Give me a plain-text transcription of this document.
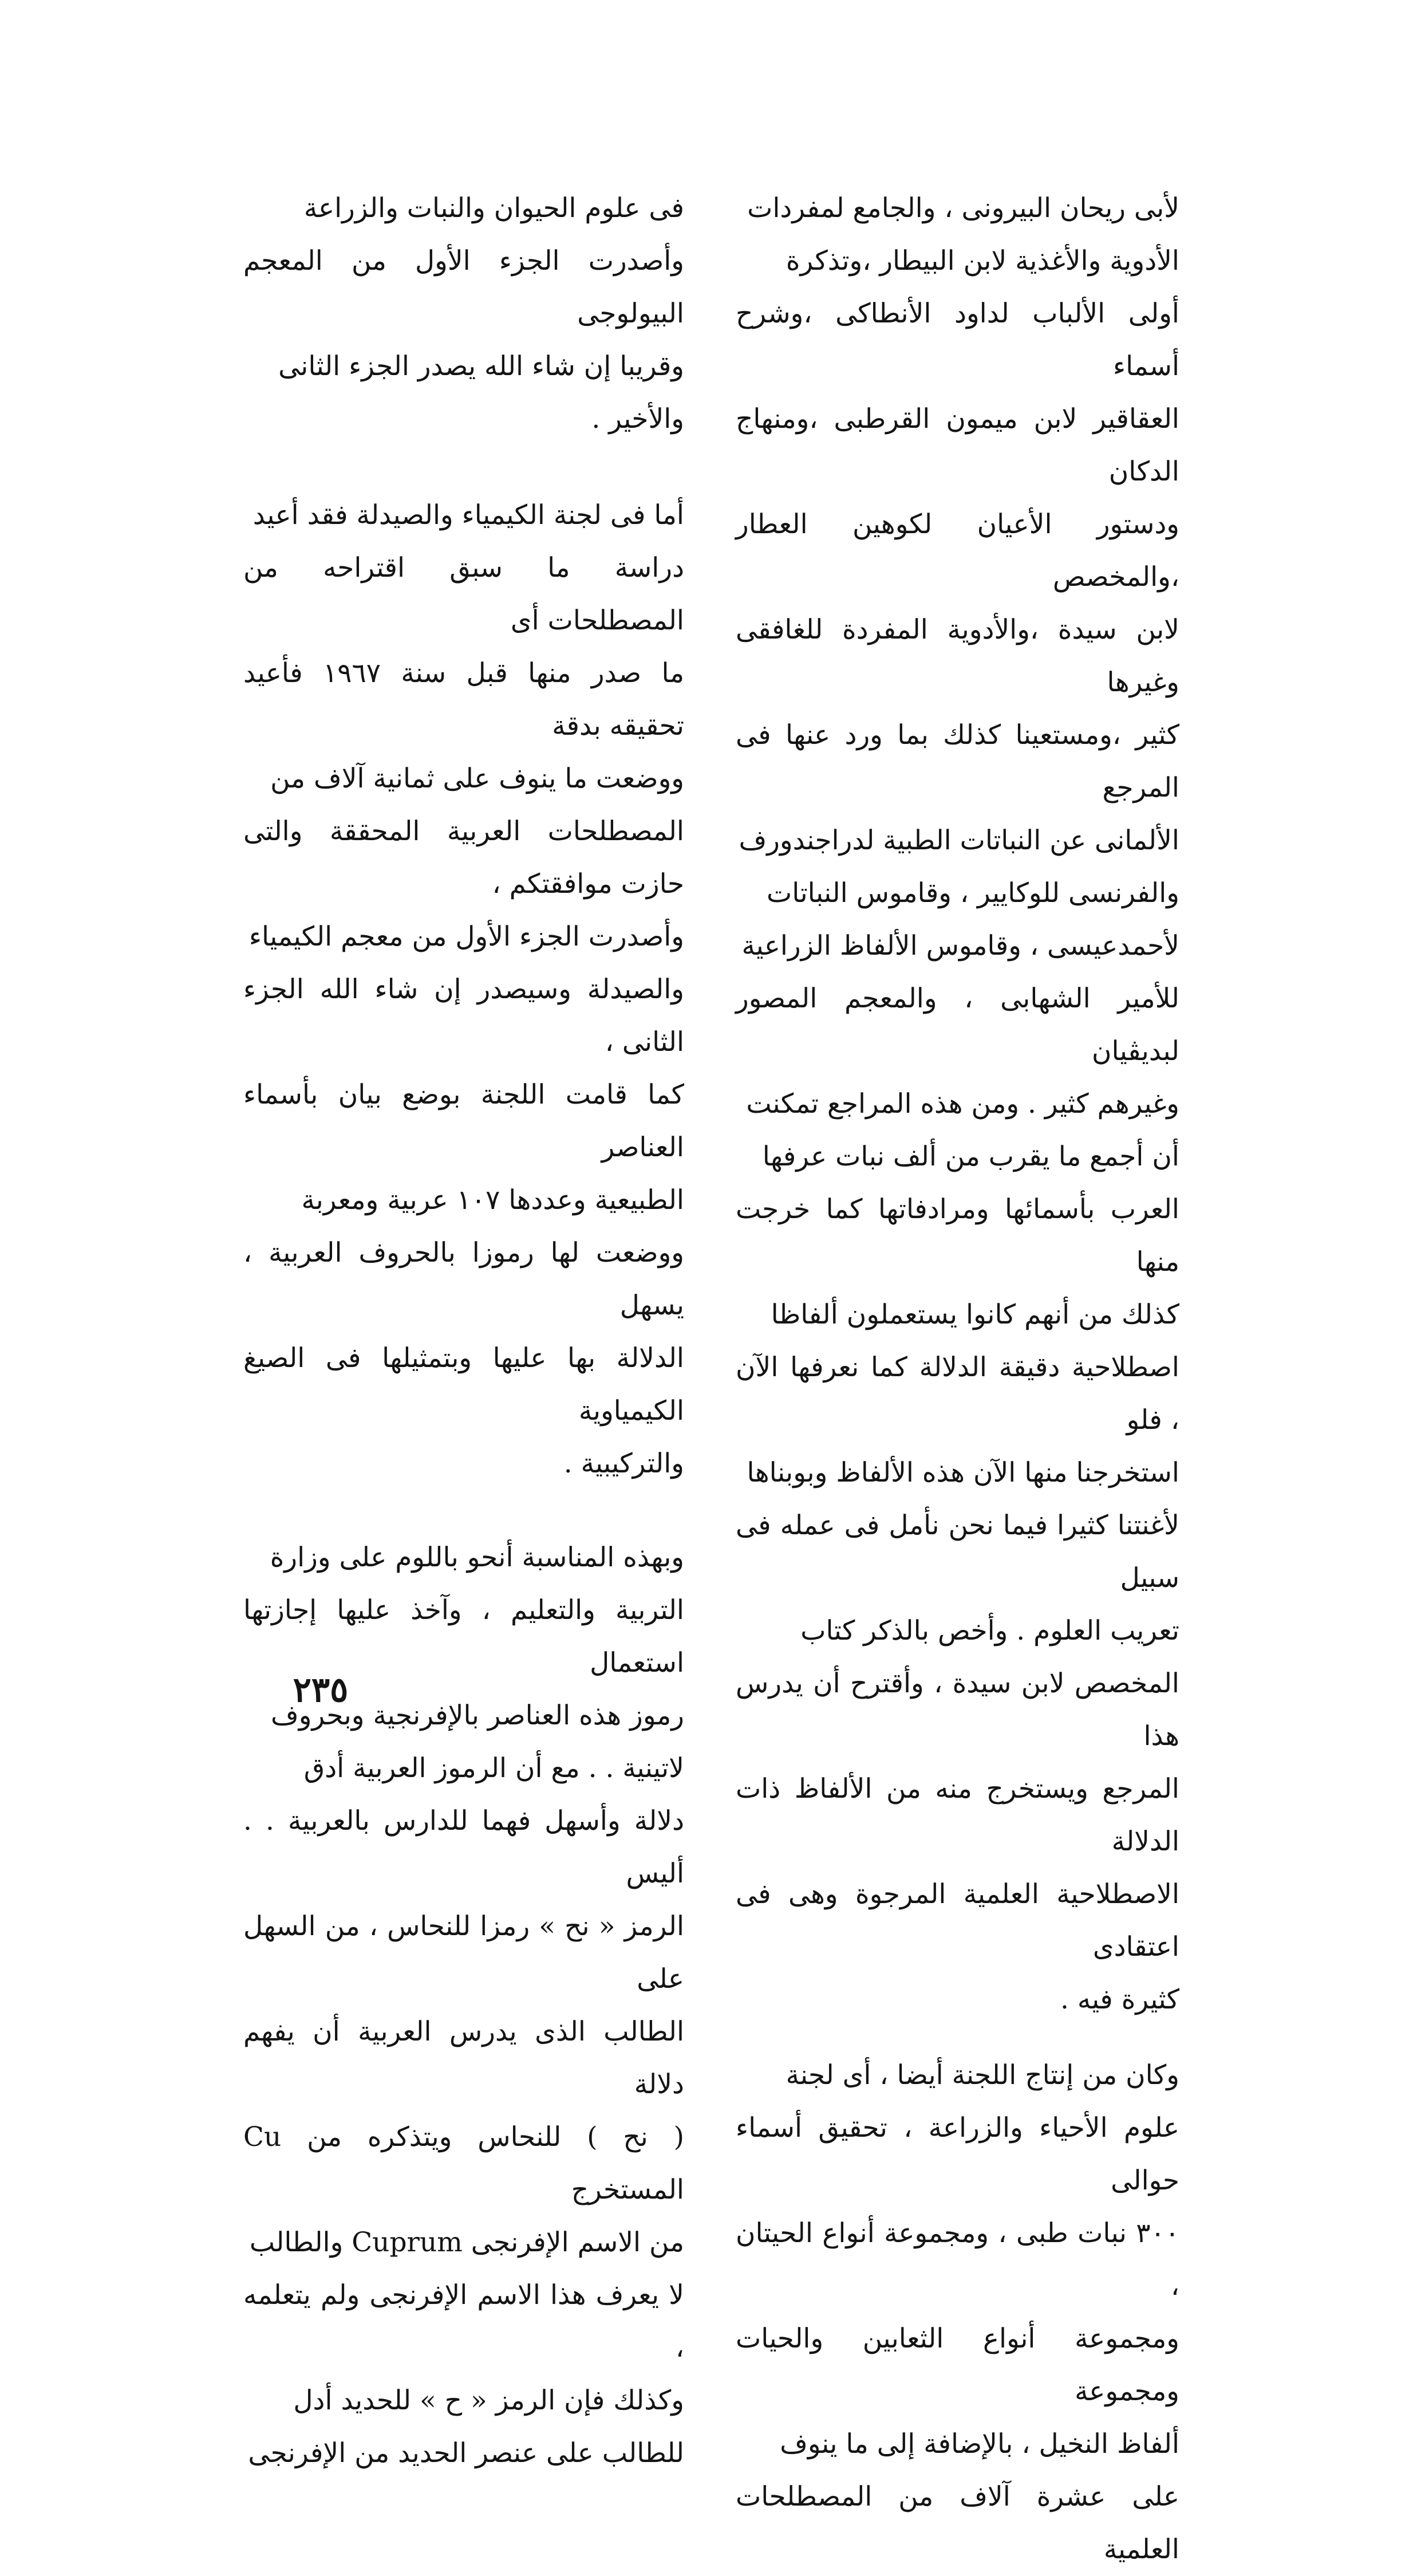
لأبى ريحان البيرونى ، والجامع لمفردات
الأدوية والأغذية لابن البيطار ،وتذكرة
أولى الألباب لداود الأنطاكى ،وشرح أسماء
العقاقير لابن ميمون القرطبى ،ومنهاج الدكان
ودستور الأعيان لكوهين العطار ،والمخصص
لابن سيدة ،والأدوية المفردة للغافقى وغيرها
كثير ،ومستعينا كذلك بما ورد عنها فى المرجع
الألمانى عن النباتات الطبية لدراجندورف
والفرنسى للوكايير ، وقاموس النباتات
لأحمدعيسى ، وقاموس الألفاظ الزراعية
للأمير الشهابى ، والمعجم المصور لبديڤيان
وغيرهم كثير . ومن هذه المراجع تمكنت
أن أجمع ما يقرب من ألف نبات عرفها
العرب بأسمائها ومرادفاتها كما خرجت منها
كذلك من أنهم كانوا يستعملون ألفاظا
اصطلاحية دقيقة الدلالة كما نعرفها الآن ، فلو
استخرجنا منها الآن هذه الألفاظ وبوبناها
لأغنتنا كثيرا فيما نحن نأمل فى عمله فى سبيل
تعريب العلوم . وأخص بالذكر كتاب
المخصص لابن سيدة ، وأقترح أن يدرس هذا
المرجع ويستخرج منه من الألفاظ ذات الدلالة
الاصطلاحية العلمية المرجوة وهى فى اعتقادى
كثيرة فيه .
وكان من إنتاج اللجنة أيضا ، أى لجنة
علوم الأحياء والزراعة ، تحقيق أسماء حوالى
٣٠٠ نبات طبى ، ومجموعة أنواع الحيتان ،
ومجموعة أنواع الثعابين والحيات ومجموعة
ألفاظ النخيل ، بالإضافة إلى ما ينوف
على عشرة آلاف من المصطلحات العلمية
فى علوم الحيوان والنبات والزراعة
وأصدرت الجزء الأول من المعجم البيولوجى
وقريبا إن شاء الله يصدر الجزء الثانى
والأخير .
أما فى لجنة الكيمياء والصيدلة فقد أعيد
دراسة ما سبق اقتراحه من المصطلحات أى
ما صدر منها قبل سنة ١٩٦٧ فأعيد تحقيقه بدقة
ووضعت ما ينوف على ثمانية آلاف من
المصطلحات العربية المحققة والتى حازت موافقتكم ،
وأصدرت الجزء الأول من معجم الكيمياء
والصيدلة وسيصدر إن شاء الله الجزء الثانى ،
كما قامت اللجنة بوضع بيان بأسماء العناصر
الطبيعية وعددها ١٠٧ عربية ومعربة
ووضعت لها رموزا بالحروف العربية ، يسهل
الدلالة بها عليها وبتمثيلها فى الصيغ الكيمياوية
والتركيبية .
وبهذه المناسبة أنحو باللوم على وزارة
التربية والتعليم ، وآخذ عليها إجازتها استعمال
رموز هذه العناصر بالإفرنجية وبحروف
لاتينية . . مع أن الرموز العربية أدق
دلالة وأسهل فهما للدارس بالعربية . . أليس
الرمز « نح » رمزا للنحاس ، من السهل على
الطالب الذى يدرس العربية أن يفهم دلالة
( نح ) للنحاس ويتذكره من Cu المستخرج
من الاسم الإفرنجى Cuprum والطالب
لا يعرف هذا الاسم الإفرنجى ولم يتعلمه ،
وكذلك فإن الرمز « ح » للحديد أدل
للطالب على عنصر الحديد من الإفرنجى
٢٣٥
